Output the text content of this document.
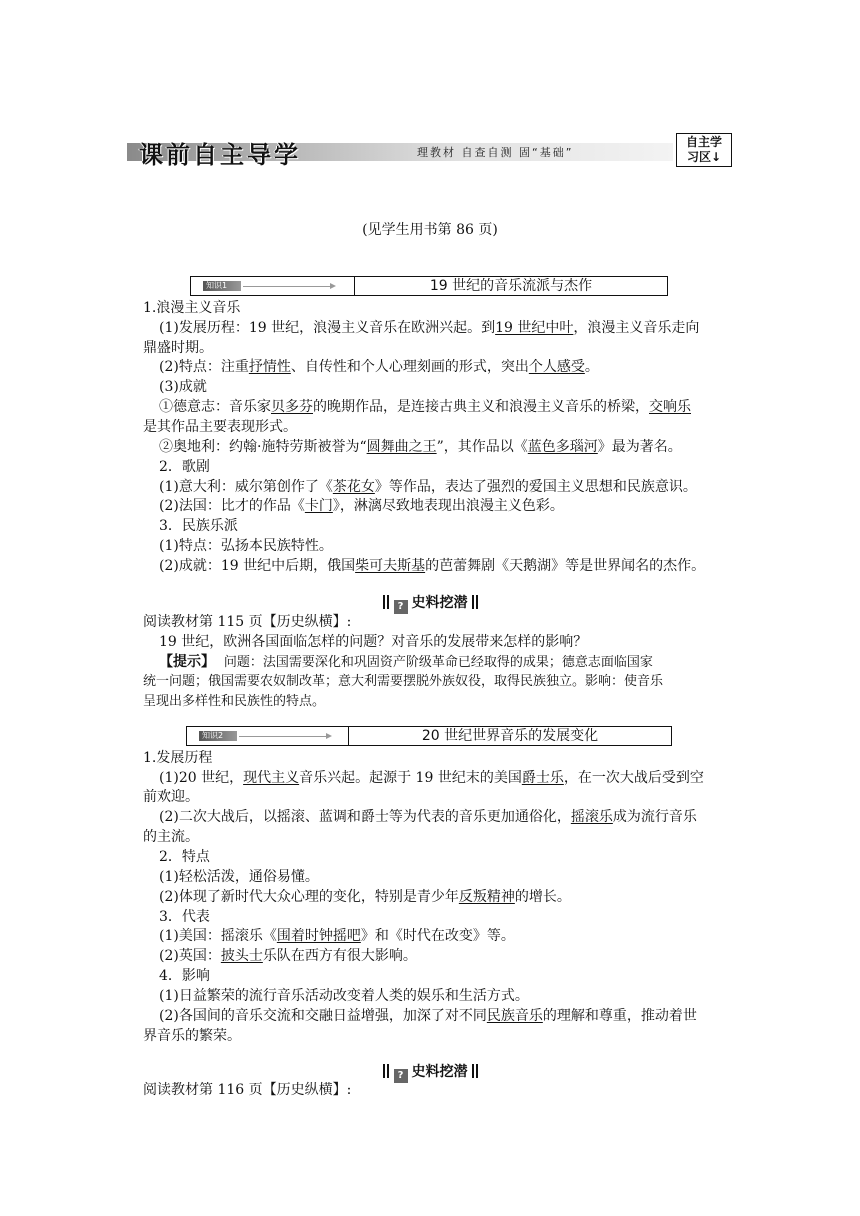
课前自主导学	理教材 自查自测 固“基础”
自主学
习区↓
(见学生用书第 86 页)
知识1	19 世纪的音乐流派与杰作
1.浪漫主义音乐
(1)发展历程：19 世纪，浪漫主义音乐在欧洲兴起。到19 世纪中叶，浪漫主义音乐走向
鼎盛时期。
(2)特点：注重抒情性、自传性和个人心理刻画的形式，突出个人感受。
(3)成就
①德意志：音乐家贝多芬的晚期作品，是连接古典主义和浪漫主义音乐的桥梁，交响乐
是其作品主要表现形式。
②奥地利：约翰·施特劳斯被誉为“圆舞曲之王”，其作品以《蓝色多瑙河》最为著名。
2．歌剧
(1)意大利：威尔第创作了《茶花女》等作品，表达了强烈的爱国主义思想和民族意识。
(2)法国：比才的作品《卡门》，淋漓尽致地表现出浪漫主义色彩。
3．民族乐派
(1)特点：弘扬本民族特性。
(2)成就：19 世纪中后期，俄国柴可夫斯基的芭蕾舞剧《天鹅湖》等是世界闻名的杰作。
? 史料挖潜
阅读教材第 115 页【历史纵横】:
19 世纪，欧洲各国面临怎样的问题？对音乐的发展带来怎样的影响？
【提示】 问题：法国需要深化和巩固资产阶级革命已经取得的成果；德意志面临国家
统一问题；俄国需要农奴制改革；意大利需要摆脱外族奴役，取得民族独立。影响：使音乐
呈现出多样性和民族性的特点。
知识2	20 世纪世界音乐的发展变化
1.发展历程
(1)20 世纪，现代主义音乐兴起。起源于 19 世纪末的美国爵士乐，在一次大战后受到空
前欢迎。
(2)二次大战后，以摇滚、蓝调和爵士等为代表的音乐更加通俗化，摇滚乐成为流行音乐
的主流。
2．特点
(1)轻松活泼，通俗易懂。
(2)体现了新时代大众心理的变化，特别是青少年反叛精神的增长。
3．代表
(1)美国：摇滚乐《围着时钟摇吧》和《时代在改变》等。
(2)英国：披头士乐队在西方有很大影响。
4．影响
(1)日益繁荣的流行音乐活动改变着人类的娱乐和生活方式。
(2)各国间的音乐交流和交融日益增强，加深了对不同民族音乐的理解和尊重，推动着世
界音乐的繁荣。
? 史料挖潜
阅读教材第 116 页【历史纵横】:
